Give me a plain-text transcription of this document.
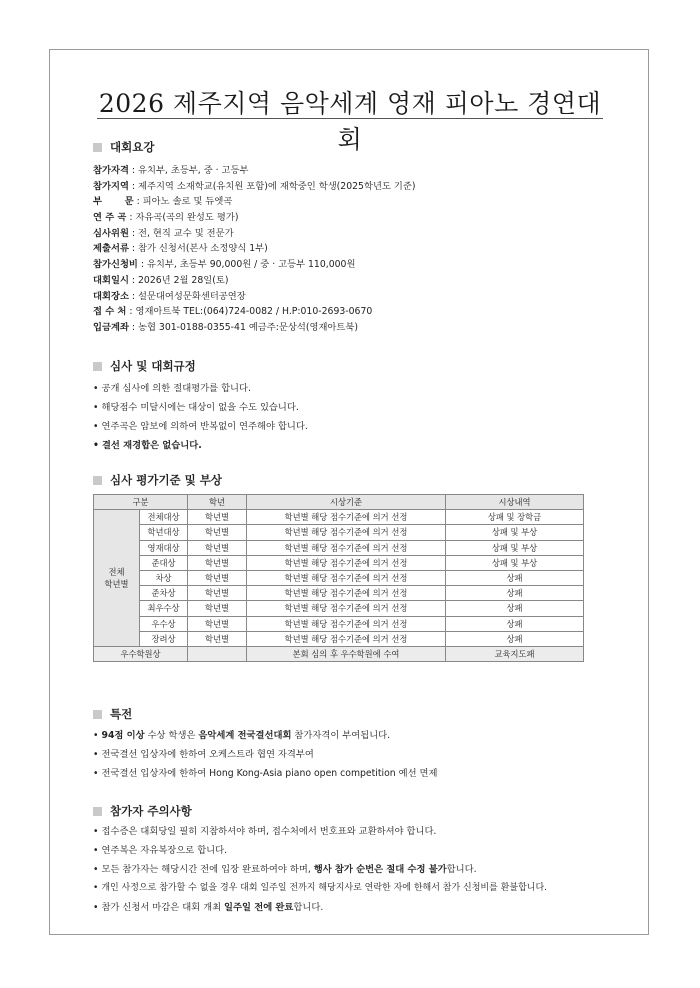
2026 제주지역 음악세계 영재 피아노 경연대회
대회요강
참가자격 : 유치부, 초등부, 중 · 고등부
참가지역 : 제주지역 소재학교(유치원 포함)에 재학중인 학생(2025학년도 기준)
부       문 : 피아노 솔로 및 듀엣곡
연 주 곡 : 자유곡(곡의 완성도 평가)
심사위원 : 전, 현직 교수 및 전문가
제출서류 : 참가 신청서(본사 소정양식 1부)
참가신청비 : 유치부, 초등부 90,000원 / 중 · 고등부 110,000원
대회일시 : 2026년 2월 28일(토)
대회장소 : 설문대여성문화센터공연장
접 수 처 : 영재아트북 TEL:(064)724-0082 / H.P:010-2693-0670
입금계좌 : 농협 301-0188-0355-41 예금주:문상석(영재아트북)
심사 및 대회규정
• 공개 심사에 의한 절대평가를 합니다.
• 해당점수 미달시에는 대상이 없을 수도 있습니다.
• 연주곡은 암보에 의하여 반복없이 연주해야 합니다.
• 결선 재경합은 없습니다.
심사 평가기준 및 부상
구분		학년	시상기준	시상내역

전체
학년별	전체대상	학년별	학년별 해당 점수기준에 의거 선정	상패 및 장학금
	학년대상	학년별	학년별 해당 점수기준에 의거 선정	상패 및 부상
	영재대상	학년별	학년별 해당 점수기준에 의거 선정	상패 및 부상
	준대상	학년별	학년별 해당 점수기준에 의거 선정	상패 및 부상
	차상	학년별	학년별 해당 점수기준에 의거 선정	상패
	준차상	학년별	학년별 해당 점수기준에 의거 선정	상패
	최우수상	학년별	학년별 해당 점수기준에 의거 선정	상패
	우수상	학년별	학년별 해당 점수기준에 의거 선정	상패
	장려상	학년별	학년별 해당 점수기준에 의거 선정	상패
우수학원상			본회 심의 후 우수학원에 수여	교육지도패
특전
• 94점 이상 수상 학생은 음악세계 전국결선대회 참가자격이 부여됩니다.
• 전국결선 입상자에 한하여 오케스트라 협연 자격부여
• 전국결선 입상자에 한하여 Hong Kong-Asia piano open competition 예선 면제
참가자 주의사항
• 접수증은 대회당일 필히 지참하셔야 하며, 접수처에서 번호표와 교환하셔야 합니다.
• 연주복은 자유복장으로 합니다.
• 모든 참가자는 해당시간 전에 입장 완료하여야 하며, 행사 참가 순번은 절대 수정 불가합니다.
• 개인 사정으로 참가할 수 없을 경우 대회 일주일 전까지 해당지사로 연락한 자에 한해서 참가 신청비를 환불합니다.
• 참가 신청서 마감은 대회 개최 일주일 전에 완료합니다.
